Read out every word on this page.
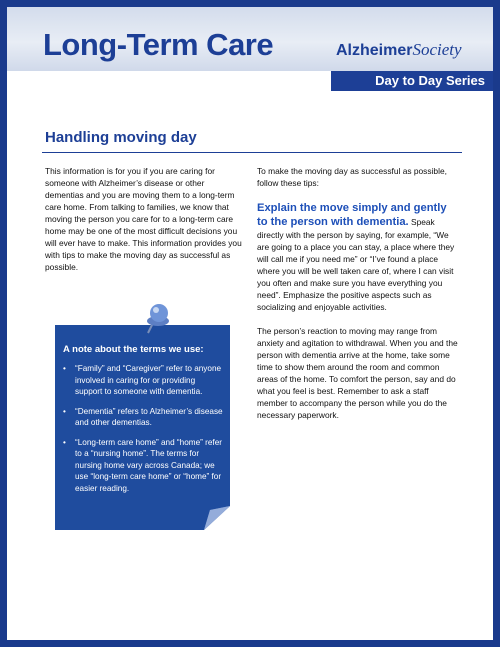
Long-Term Care	AlzheimerSociety
Day to Day Series
Handling moving day

This information is for you if you are caring for someone with Alzheimer’s disease or other dementias and you are moving them to a long-term care home. From talking to families, we know that moving the person you care for to a long-term care home may be one of the most difficult decisions you will ever have to make. This information provides you with tips to make the moving day as successful as possible.

A note about the terms we use:
• “Family” and “Caregiver” refer to anyone involved in caring for or providing support to someone with dementia.
• “Dementia” refers to Alzheimer’s disease and other dementias.
• “Long-term care home” and “home” refer to a “nursing home”. The terms for nursing home vary across Canada; we use “long-term care home” or “home” for easier reading.

To make the moving day as successful as possible, follow these tips:

Explain the move simply and gently to the person with dementia. Speak directly with the person by saying, for example, “We are going to a place you can stay, a place where they will call me if you need me” or “I’ve found a place where you will be well taken care of, where I can visit you often and make sure you have everything you need”. Emphasize the positive aspects such as socializing and enjoyable activities.

The person’s reaction to moving may range from anxiety and agitation to withdrawal. When you and the person with dementia arrive at the home, take some time to show them around the room and common areas of the home. To comfort the person, say and do what you feel is best. Remember to ask a staff member to accompany the person while you do the necessary paperwork.
